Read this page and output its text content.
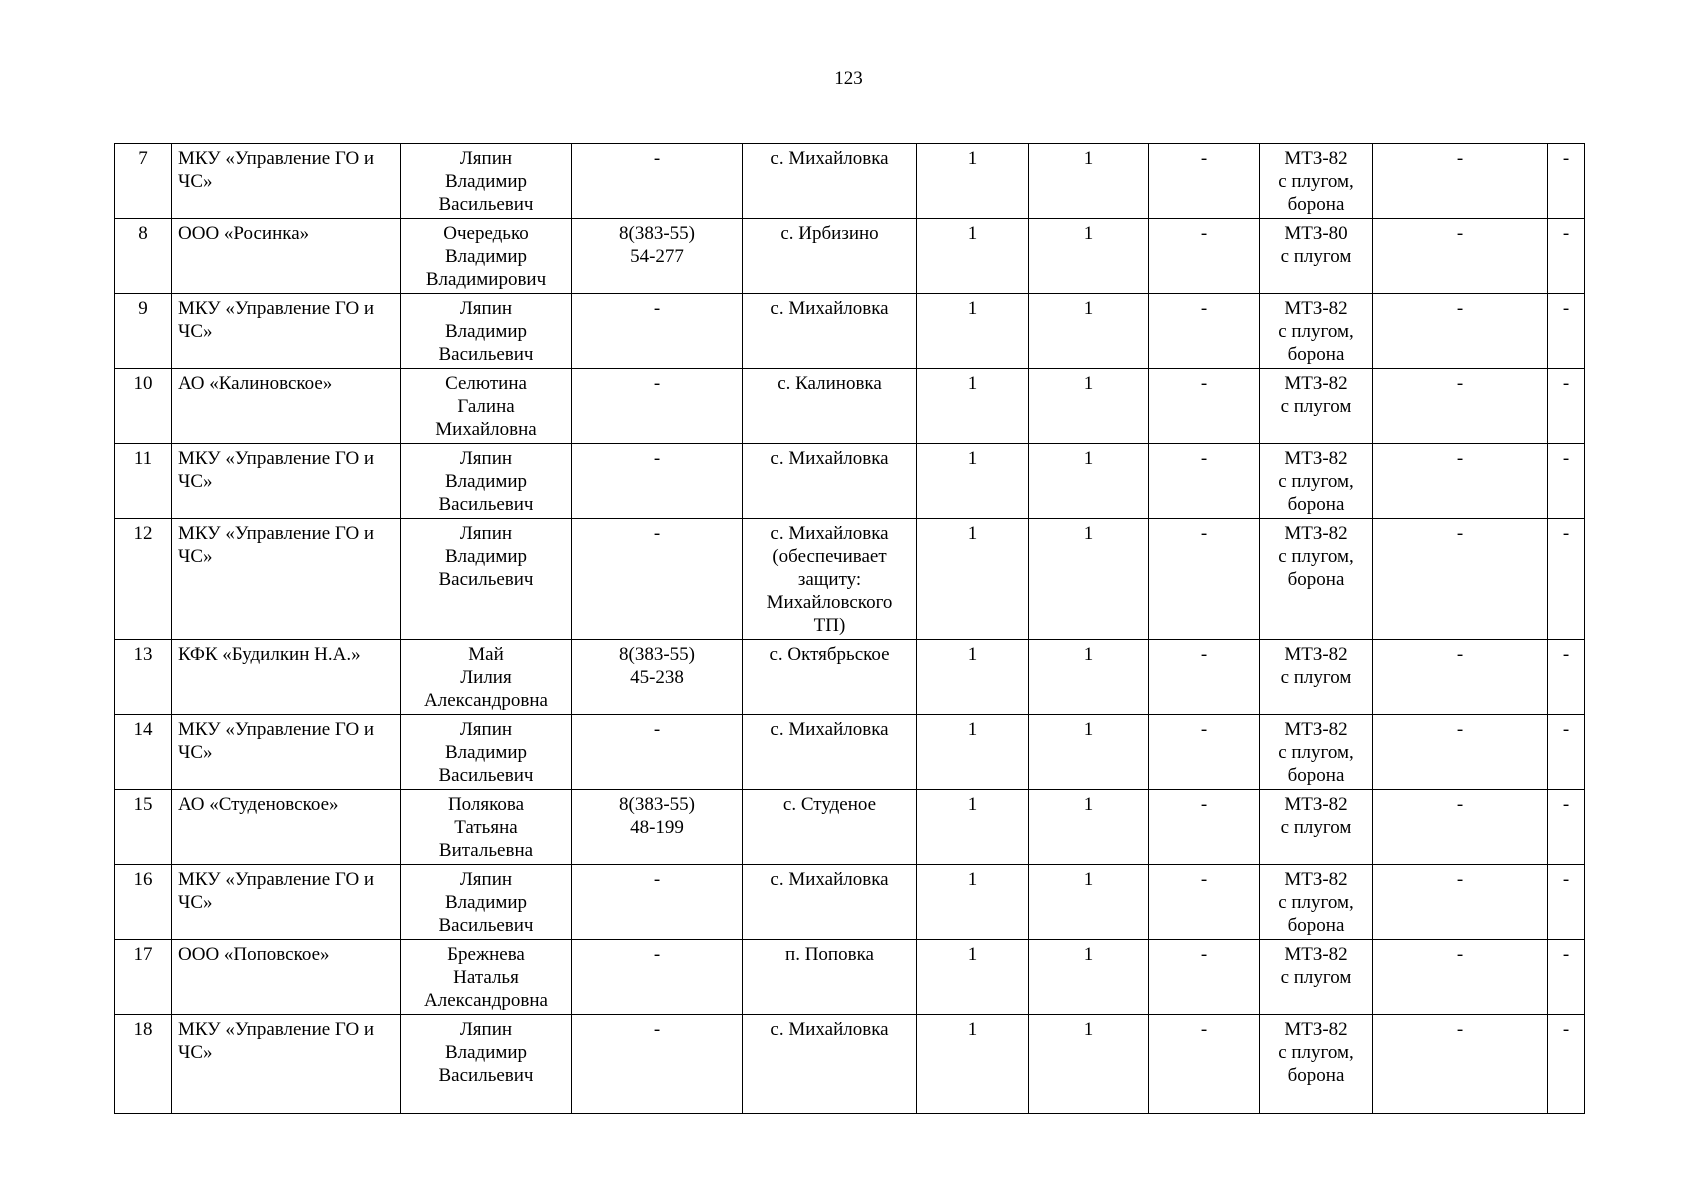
123
7	МКУ «Управление ГО и ЧС»	Ляпин
Владимир
Васильевич	-	с. Михайловка	1	1	-	МТЗ-82
с плугом,
борона	-	-
8	ООО «Росинка»	Очередько
Владимир
Владимирович	8(383-55)
54-277	с. Ирбизино	1	1	-	МТЗ-80
с плугом	-	-
9	МКУ «Управление ГО и ЧС»	Ляпин
Владимир
Васильевич	-	с. Михайловка	1	1	-	МТЗ-82
с плугом,
борона	-	-
10	АО «Калиновское»	Селютина
Галина
Михайловна	-	с. Калиновка	1	1	-	МТЗ-82
с плугом	-	-
11	МКУ «Управление ГО и ЧС»	Ляпин
Владимир
Васильевич	-	с. Михайловка	1	1	-	МТЗ-82
с плугом,
борона	-	-
12	МКУ «Управление ГО и ЧС»	Ляпин
Владимир
Васильевич	-	с. Михайловка
(обеспечивает
защиту:
Михайловского
ТП)	1	1	-	МТЗ-82
с плугом,
борона	-	-
13	КФК «Будилкин Н.А.»	Май
Лилия
Александровна	8(383-55)
45-238	с. Октябрьское	1	1	-	МТЗ-82
с плугом	-	-
14	МКУ «Управление ГО и ЧС»	Ляпин
Владимир
Васильевич	-	с. Михайловка	1	1	-	МТЗ-82
с плугом,
борона	-	-
15	АО «Студеновское»	Полякова
Татьяна
Витальевна	8(383-55)
48-199	с. Студеное	1	1	-	МТЗ-82
с плугом	-	-
16	МКУ «Управление ГО и ЧС»	Ляпин
Владимир
Васильевич	-	с. Михайловка	1	1	-	МТЗ-82
с плугом,
борона	-	-
17	ООО «Поповское»	Брежнева
Наталья
Александровна	-	п. Поповка	1	1	-	МТЗ-82
с плугом	-	-
18	МКУ «Управление ГО и ЧС»	Ляпин
Владимир
Васильевич	-	с. Михайловка	1	1	-	МТЗ-82
с плугом,
борона	-	-
